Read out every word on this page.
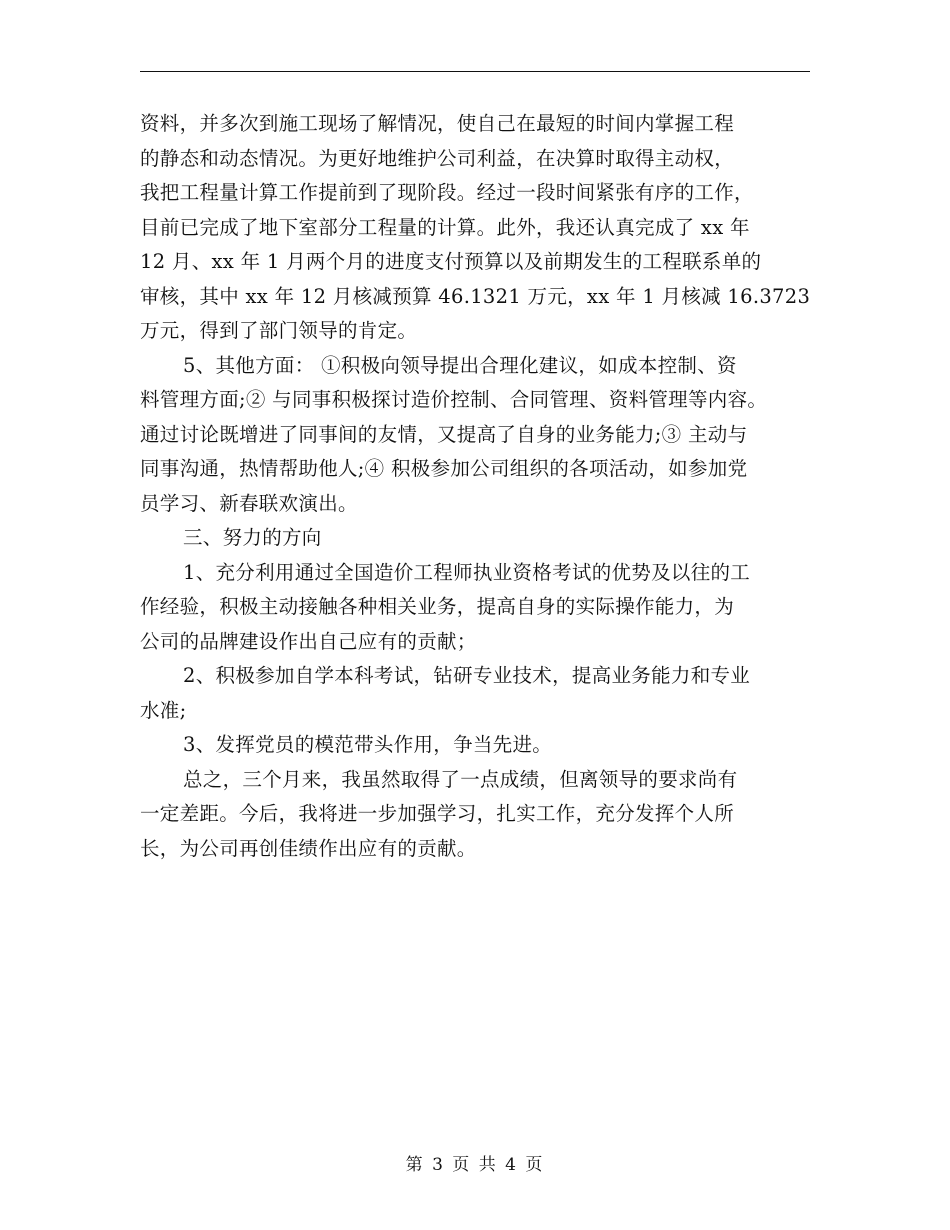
资料，并多次到施工现场了解情况，使自己在最短的时间内掌握工程
的静态和动态情况。为更好地维护公司利益，在决算时取得主动权，
我把工程量计算工作提前到了现阶段。经过一段时间紧张有序的工作，
目前已完成了地下室部分工程量的计算。此外，我还认真完成了 xx 年
12 月、xx 年 1 月两个月的进度支付预算以及前期发生的工程联系单的
审核，其中 xx 年 12 月核减预算 46.1321 万元，xx 年 1 月核减 16.3723
万元，得到了部门领导的肯定。
5、其他方面： ①积极向领导提出合理化建议，如成本控制、资
料管理方面;② 与同事积极探讨造价控制、合同管理、资料管理等内容。
通过讨论既增进了同事间的友情，又提高了自身的业务能力;③ 主动与
同事沟通，热情帮助他人;④ 积极参加公司组织的各项活动，如参加党
员学习、新春联欢演出。
三、努力的方向
1、充分利用通过全国造价工程师执业资格考试的优势及以往的工
作经验，积极主动接触各种相关业务，提高自身的实际操作能力，为
公司的品牌建设作出自己应有的贡献；
2、积极参加自学本科考试，钻研专业技术，提高业务能力和专业
水准;
3、发挥党员的模范带头作用，争当先进。
总之，三个月来，我虽然取得了一点成绩，但离领导的要求尚有
一定差距。今后，我将进一步加强学习，扎实工作，充分发挥个人所
长，为公司再创佳绩作出应有的贡献。
第 3 页 共 4 页
